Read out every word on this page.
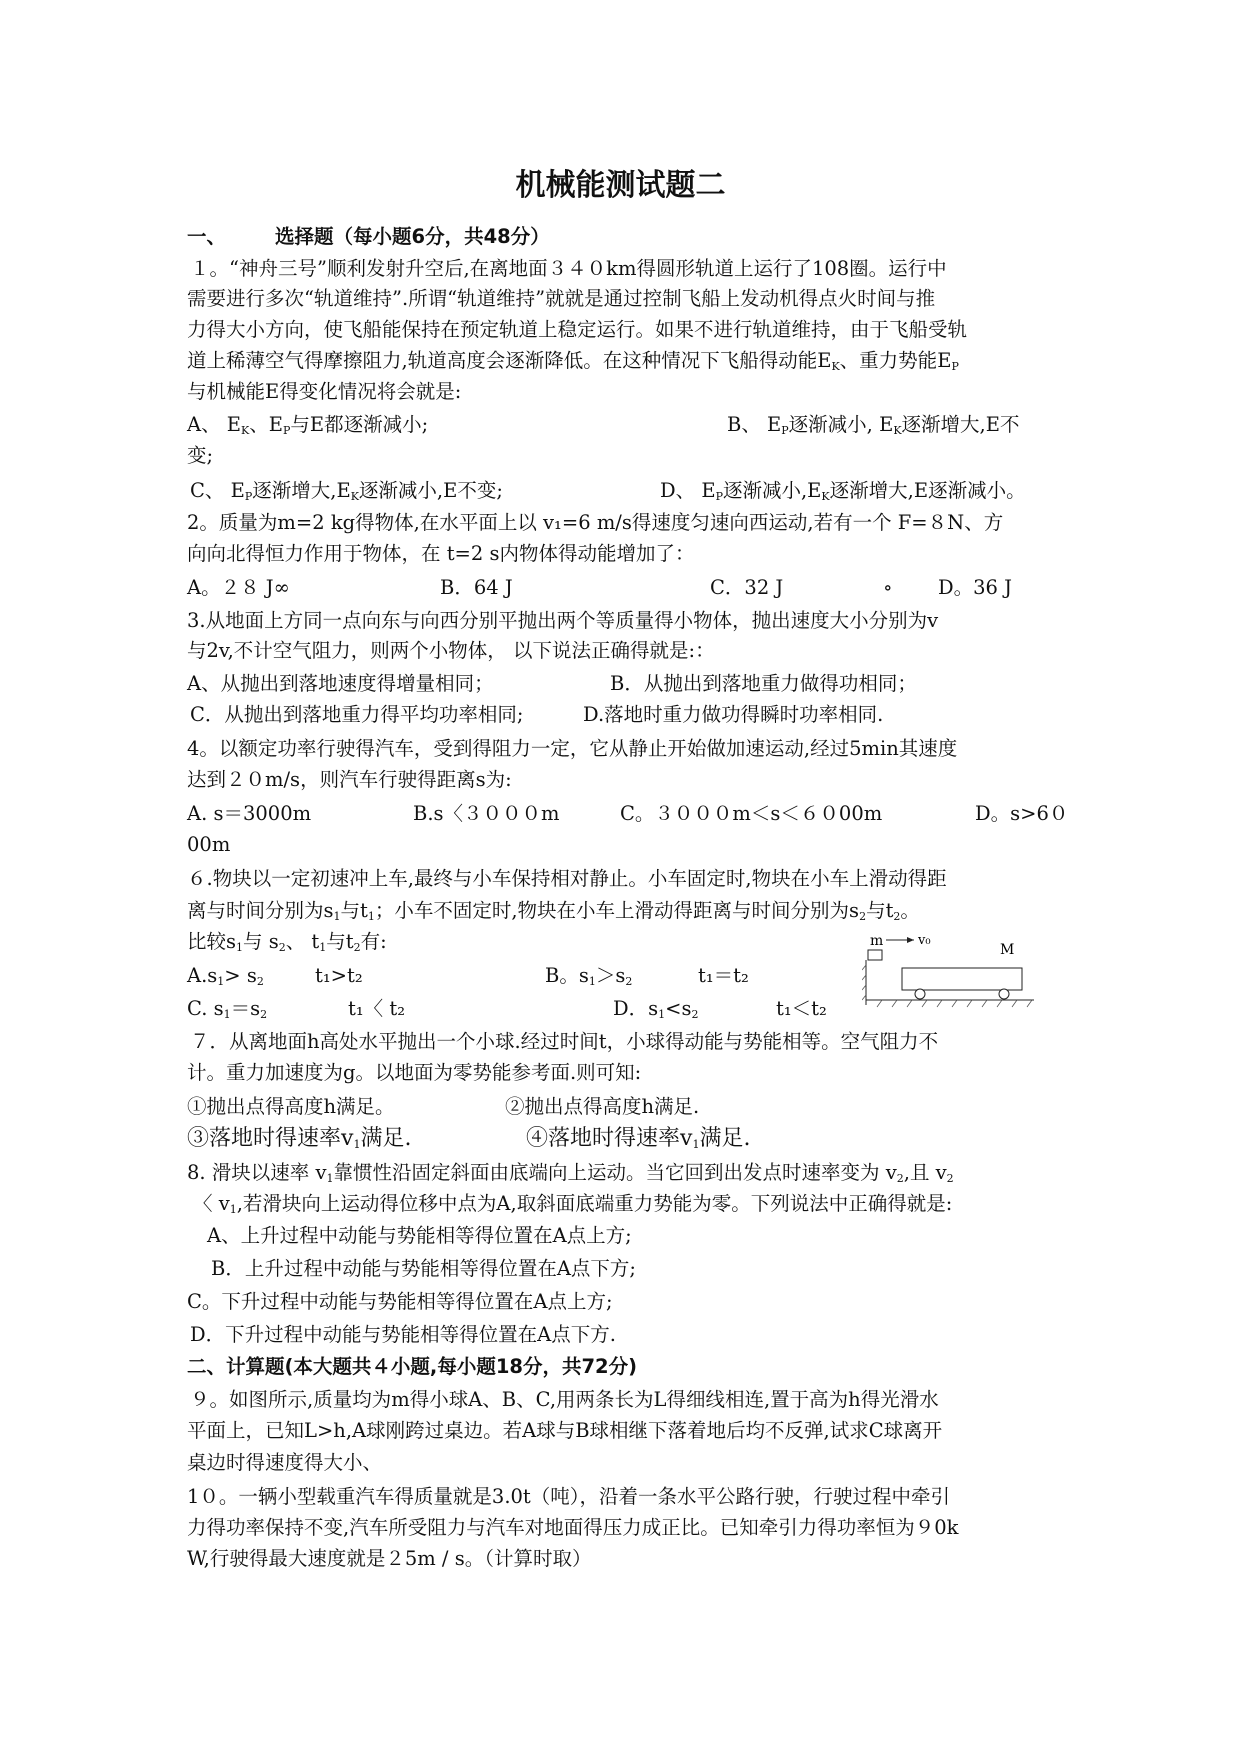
机械能测试题二
一、	选择题（每小题6分，共48分）
１。“神舟三号”顺利发射升空后,在离地面３４０km得圆形轨道上运行了108圈。运行中
需要进行多次“轨道维持”.所谓“轨道维持”就就是通过控制飞船上发动机得点火时间与推
力得大小方向，使飞船能保持在预定轨道上稳定运行。如果不进行轨道维持，由于飞船受轨
道上稀薄空气得摩擦阻力,轨道高度会逐渐降低。在这种情况下飞船得动能$E_K$、重力势能$E_P$
与机械能E得变化情况将会就是:
A、 $E_K$、$E_P$与E都逐渐减小;	B、 $E_P$逐渐减小, $E_K$逐渐增大,E不
变;
C、 $E_P$逐渐增大$,E_K$逐渐减小,E不变;	D、 $E_P$逐渐减小$,E_K$逐渐增大,E逐渐减小。
2。质量为m=2 kg得物体,在水平面上以 v₁=6 m/s得速度匀速向西运动,若有一个 F=８N、方
向向北得恒力作用于物体，在 t=2 s内物体得动能增加了：
A。２８ J∞	B．64 J	C．32 J	∘ D。36 J
3.从地面上方同一点向东与向西分别平抛出两个等质量得小物体，抛出速度大小分别为v
与2v,不计空气阻力，则两个小物体， 以下说法正确得就是:：
A、从抛出到落地速度得增量相同；	B．从抛出到落地重力做得功相同；
C．从抛出到落地重力得平均功率相同;	D.落地时重力做功得瞬时功率相同.
4。以额定功率行驶得汽车，受到得阻力一定，它从静止开始做加速运动,经过5min其速度
达到２０m/s，则汽车行驶得距离s为:
A. s＝3000m	B.s〈３０００m	C。３０００m＜s＜６０00m	D。s>6０
00m
６.物块以一定初速冲上车,最终与小车保持相对静止。小车固定时,物块在小车上滑动得距
离与时间分别为$s_1$与$t_1$；小车不固定时,物块在小车上滑动得距离与时间分别为$s_2$与$t_2$。
比较$s_1$与 $s_2$、 $t_1$与$t_2$有:
$A.s_1> s_2$	t₁>t₂	B。$s_1>s_2$	t₁＝t₂
C. $s_1=s_2$	t₁〈 t₂	D．$s_1<s_2$	t₁＜t₂
m	v₀
M
７．从离地面h高处水平抛出一个小球.经过时间t，小球得动能与势能相等。空气阻力不
计。重力加速度为g。以地面为零势能参考面.则可知:
①抛出点得高度h满足。	②抛出点得高度h满足.
③落地时得速率$v_1$满足.	④落地时得速率$v_1$满足.
8. 滑块以速率 $v_1$靠惯性沿固定斜面由底端向上运动。当它回到出发点时速率变为 $v_2$,且 $v_2$
〈 $v_1$,若滑块向上运动得位移中点为A,取斜面底端重力势能为零。下列说法中正确得就是:
A、上升过程中动能与势能相等得位置在A点上方;
B．上升过程中动能与势能相等得位置在A点下方;
C。下升过程中动能与势能相等得位置在A点上方;
D．下升过程中动能与势能相等得位置在A点下方.
二、计算题(本大题共４小题,每小题18分，共72分)
９。如图所示,质量均为m得小球A、B、C,用两条长为L得细线相连,置于高为h得光滑水
平面上，已知L>h,A球刚跨过桌边。若A球与B球相继下落着地后均不反弹,试求C球离开
桌边时得速度得大小、
1０。一辆小型载重汽车得质量就是3.0t（吨），沿着一条水平公路行驶，行驶过程中牵引
力得功率保持不变,汽车所受阻力与汽车对地面得压力成正比。已知牵引力得功率恒为９0k
W,行驶得最大速度就是２5m / s。（计算时取）
